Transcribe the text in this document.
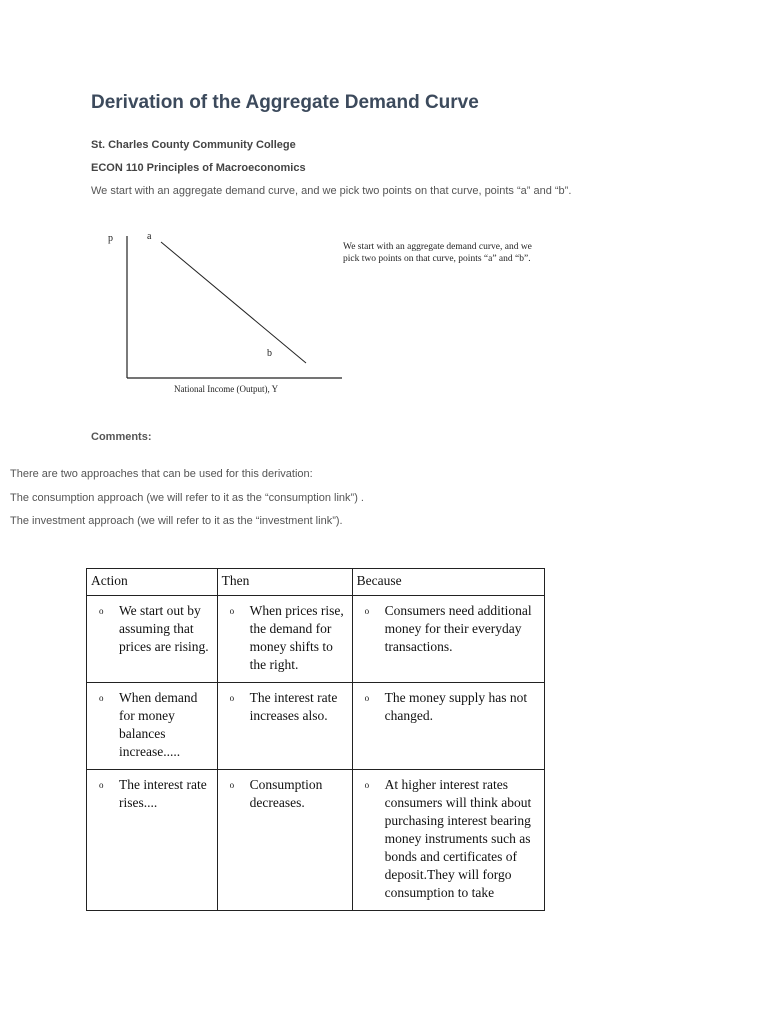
Derivation of the Aggregate Demand Curve
St. Charles County Community College
ECON 110 Principles of Macroeconomics
We start with an aggregate demand curve, and we pick two points on that curve, points “a” and “b”.
p	a
b
National Income (Output), Y
We start with an aggregate demand curve, and we pick two points on that curve, points “a” and “b”.
Comments:
There are two approaches that can be used for this derivation:
The consumption approach (we will refer to it as the “consumption link”) .
The investment approach (we will refer to it as the “investment link”).
Action	Then	Because

o We start out by assuming that prices are rising.	o When prices rise, the demand for money shifts to the right.	o Consumers need additional money for their everyday transactions.

o When demand for money balances increase.....	o The interest rate increases also.	o The money supply has not changed.

o The interest rate rises....	o Consumption decreases.	o At higher interest rates consumers will think about purchasing interest bearing money instruments such as bonds and certificates of deposit.They will forgo consumption to take
